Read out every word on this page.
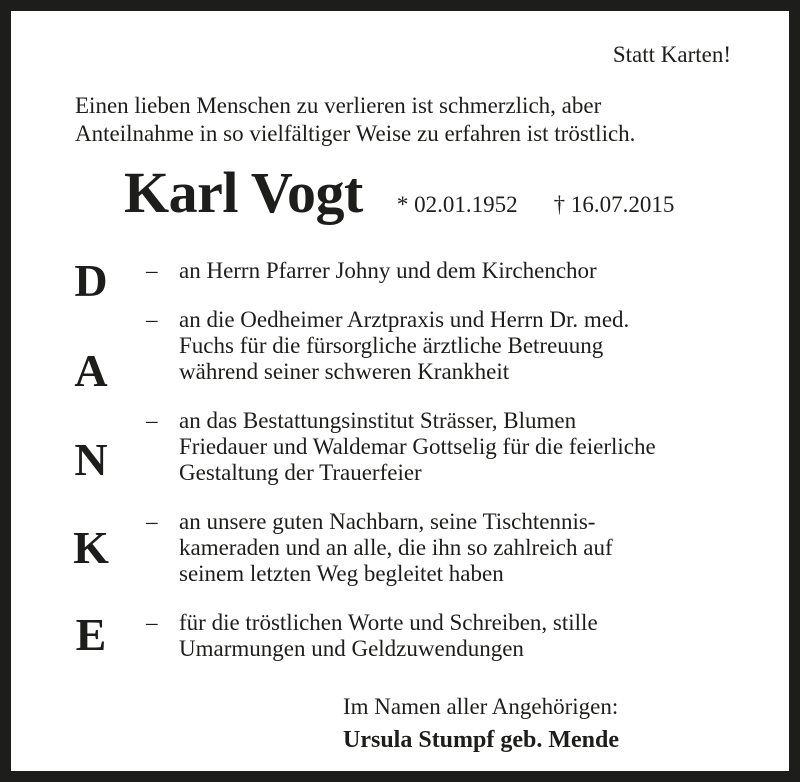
Statt Karten!
Einen lieben Menschen zu verlieren ist schmerzlich, aber
Anteilnahme in so vielfältiger Weise zu erfahren ist tröstlich.
Karl Vogt * 02.01.1952 † 16.07.2015
D
A
N
K
E
– an Herrn Pfarrer Johny und dem Kirchenchor
– an die Oedheimer Arztpraxis und Herrn Dr. med.
Fuchs für die fürsorgliche ärztliche Betreuung
während seiner schweren Krankheit
– an das Bestattungsinstitut Strässer, Blumen
Friedauer und Waldemar Gottselig für die feierliche
Gestaltung der Trauerfeier
– an unsere guten Nachbarn, seine Tischtennis-
kameraden und an alle, die ihn so zahlreich auf
seinem letzten Weg begleitet haben
– für die tröstlichen Worte und Schreiben, stille
Umarmungen und Geldzuwendungen
Im Namen aller Angehörigen:
Ursula Stumpf geb. Mende
